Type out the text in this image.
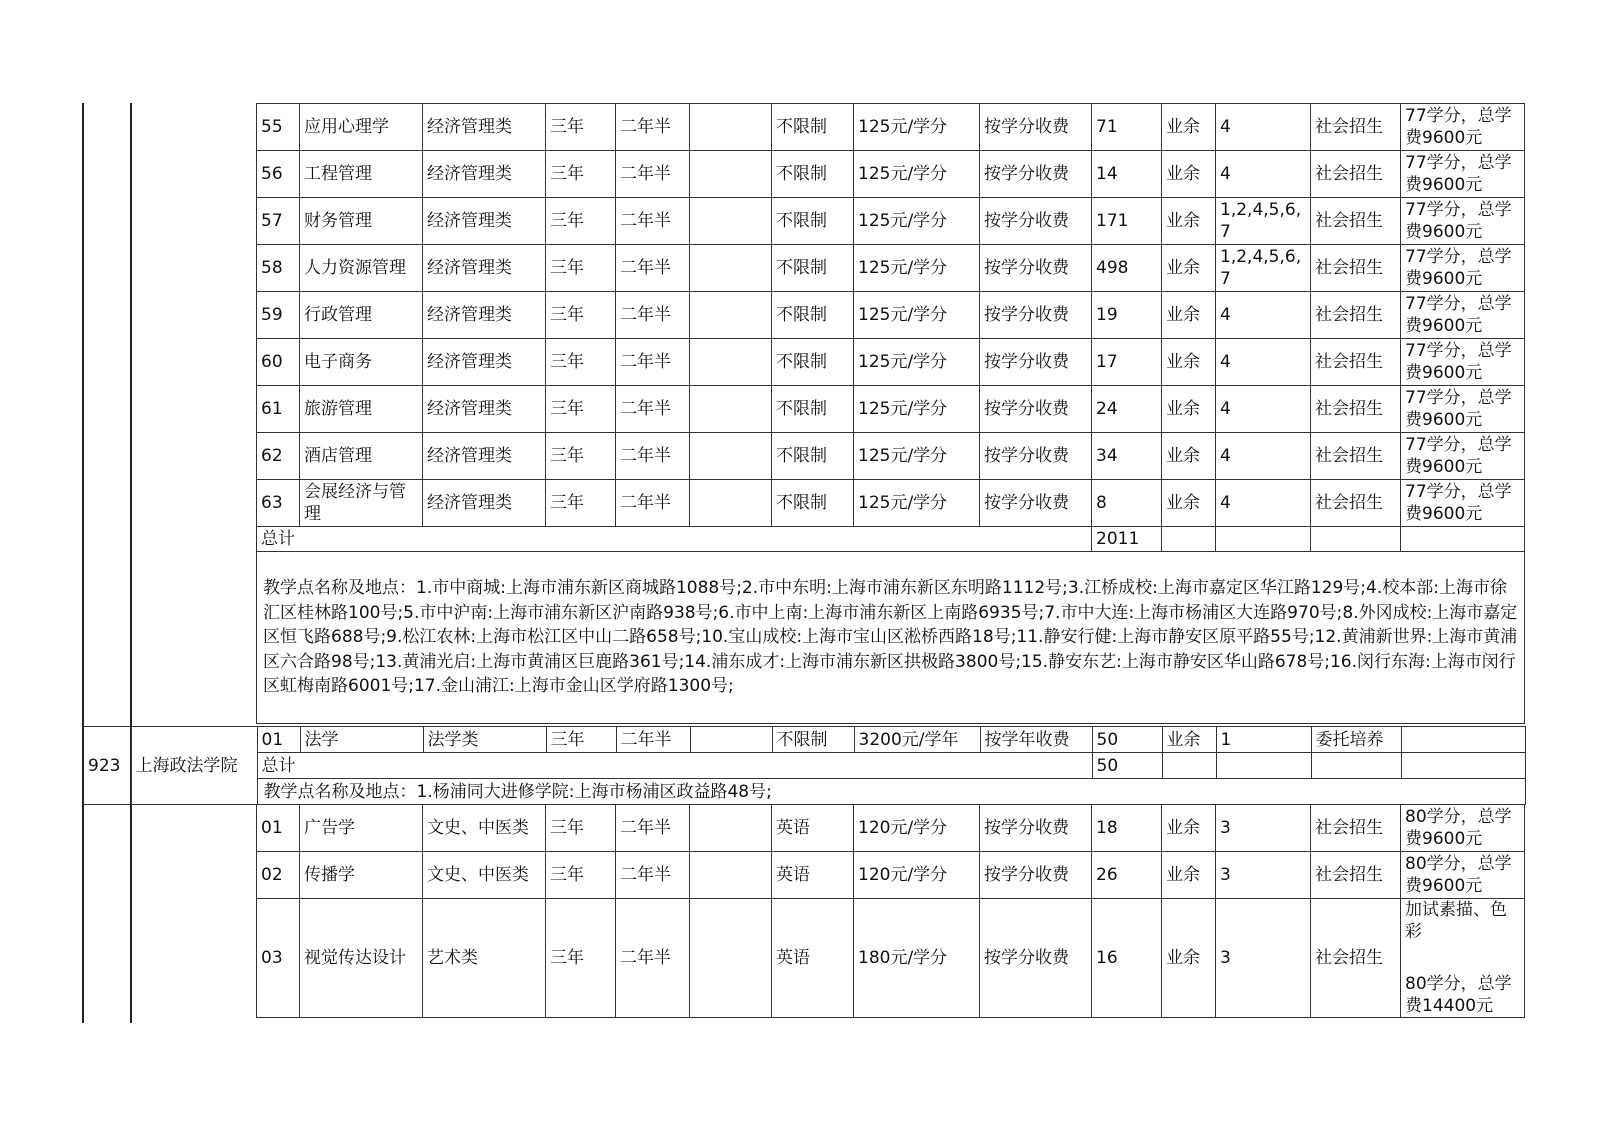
55	应用心理学	经济管理类	三年	二年半		不限制	125元/学分	按学分收费	71	业余	4	社会招生	77学分，总学费9600元
56	工程管理	经济管理类	三年	二年半		不限制	125元/学分	按学分收费	14	业余	4	社会招生	77学分，总学费9600元
57	财务管理	经济管理类	三年	二年半		不限制	125元/学分	按学分收费	171	业余	1,2,4,5,6,7	社会招生	77学分，总学费9600元
58	人力资源管理	经济管理类	三年	二年半		不限制	125元/学分	按学分收费	498	业余	1,2,4,5,6,7	社会招生	77学分，总学费9600元
59	行政管理	经济管理类	三年	二年半		不限制	125元/学分	按学分收费	19	业余	4	社会招生	77学分，总学费9600元
60	电子商务	经济管理类	三年	二年半		不限制	125元/学分	按学分收费	17	业余	4	社会招生	77学分，总学费9600元
61	旅游管理	经济管理类	三年	二年半		不限制	125元/学分	按学分收费	24	业余	4	社会招生	77学分，总学费9600元
62	酒店管理	经济管理类	三年	二年半		不限制	125元/学分	按学分收费	34	业余	4	社会招生	77学分，总学费9600元
63	会展经济与管理	经济管理类	三年	二年半		不限制	125元/学分	按学分收费	8	业余	4	社会招生	77学分，总学费9600元
总计									2011				
教学点名称及地点：1.市中商城:上海市浦东新区商城路1088号;2.市中东明:上海市浦东新区东明路1112号;3.江桥成校:上海市嘉定区华江路129号;4.校本部:上海市徐汇区桂林路100号;5.市中沪南:上海市浦东新区沪南路938号;6.市中上南:上海市浦东新区上南路6935号;7.市中大连:上海市杨浦区大连路970号;8.外冈成校:上海市嘉定区恒飞路688号;9.松江农林:上海市松江区中山二路658号;10.宝山成校:上海市宝山区淞桥西路18号;11.静安行健:上海市静安区原平路55号;12.黄浦新世界:上海市黄浦区六合路98号;13.黄浦光启:上海市黄浦区巨鹿路361号;14.浦东成才:上海市浦东新区拱极路3800号;15.静安东艺:上海市静安区华山路678号;16.闵行东海:上海市闵行区虹梅南路6001号;17.金山浦江:上海市金山区学府路1300号;													
923	上海政法学院	01	法学	法学类	三年	二年半		不限制	3200元/学年	按学年收费	50	业余	1	委托培养	
		总计									50				
		教学点名称及地点：1.杨浦同大进修学院:上海市杨浦区政益路48号;													
01	广告学	文史、中医类	三年	二年半		英语	120元/学分	按学分收费	18	业余	3	社会招生	80学分，总学费9600元
02	传播学	文史、中医类	三年	二年半		英语	120元/学分	按学分收费	26	业余	3	社会招生	80学分，总学费9600元
03	视觉传达设计	艺术类	三年	二年半		英语	180元/学分	按学分收费	16	业余	3	社会招生	加试素描、色彩
80学分，总学费14400元
